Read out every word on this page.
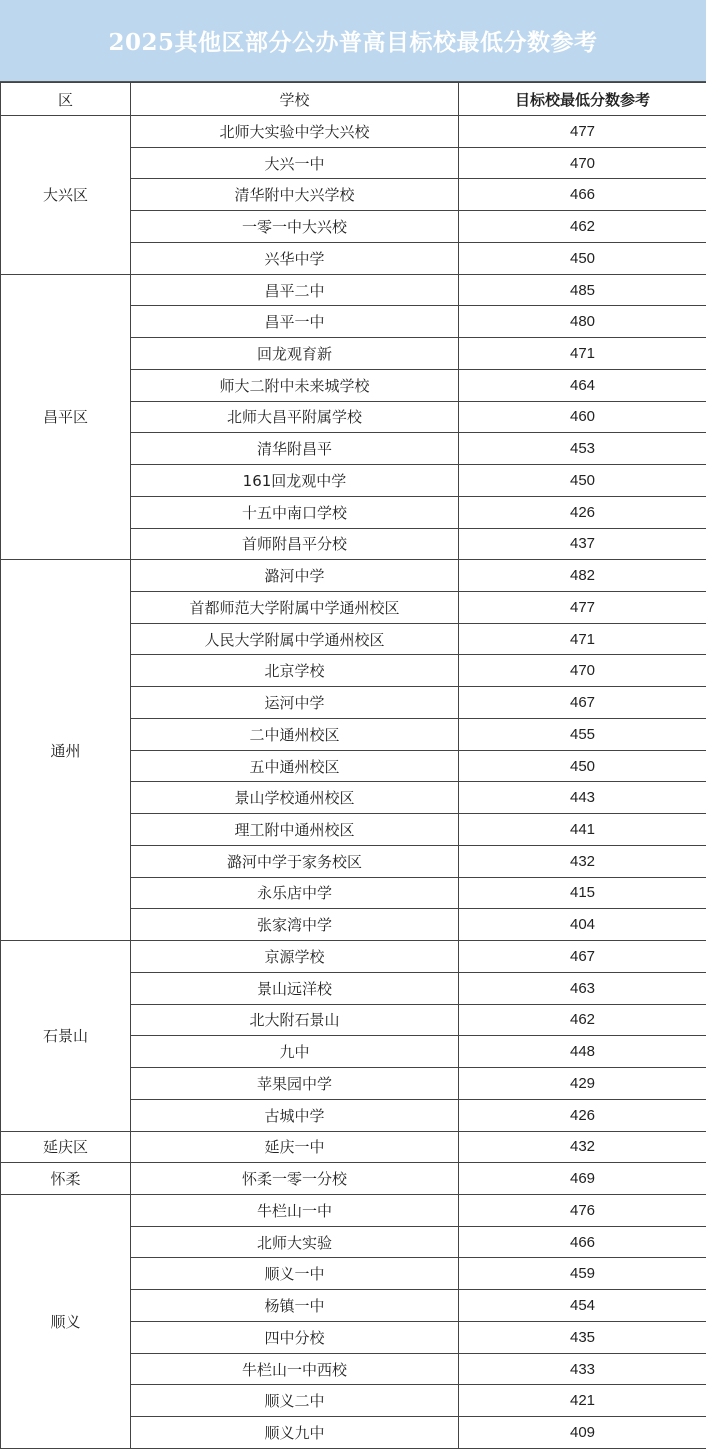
2025其他区部分公办普高目标校最低分数参考
区	学校	目标校最低分数参考
大兴区	北师大实验中学大兴校	477
	大兴一中	470
	清华附中大兴学校	466
	一零一中大兴校	462
	兴华中学	450
昌平区	昌平二中	485
	昌平一中	480
	回龙观育新	471
	师大二附中未来城学校	464
	北师大昌平附属学校	460
	清华附昌平	453
	161回龙观中学	450
	十五中南口学校	426
	首师附昌平分校	437
通州	潞河中学	482
	首都师范大学附属中学通州校区	477
	人民大学附属中学通州校区	471
	北京学校	470
	运河中学	467
	二中通州校区	455
	五中通州校区	450
	景山学校通州校区	443
	理工附中通州校区	441
	潞河中学于家务校区	432
	永乐店中学	415
	张家湾中学	404
石景山	京源学校	467
	景山远洋校	463
	北大附石景山	462
	九中	448
	苹果园中学	429
	古城中学	426
延庆区	延庆一中	432
怀柔	怀柔一零一分校	469
顺义	牛栏山一中	476
	北师大实验	466
	顺义一中	459
	杨镇一中	454
	四中分校	435
	牛栏山一中西校	433
	顺义二中	421
	顺义九中	409
